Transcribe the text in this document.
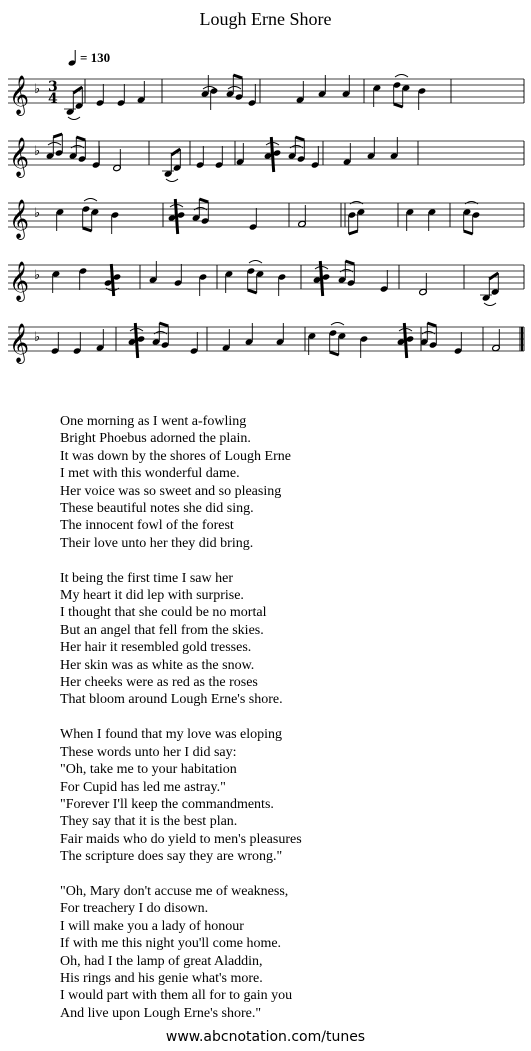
Lough Erne Shore
= 130
𝄞 ♭
𝄞 ♭
𝄞 ♭
𝄞 ♭
𝄞 ♭
3
4
One morning as I went a-fowling
Bright Phoebus adorned the plain.
It was down by the shores of Lough Erne
I met with this wonderful dame.
Her voice was so sweet and so pleasing
These beautiful notes she did sing.
The innocent fowl of the forest
Their love unto her they did bring.
It being the first time I saw her
My heart it did lep with surprise.
I thought that she could be no mortal
But an angel that fell from the skies.
Her hair it resembled gold tresses.
Her skin was as white as the snow.
Her cheeks were as red as the roses
That bloom around Lough Erne's shore.
When I found that my love was eloping
These words unto her I did say:
"Oh, take me to your habitation
For Cupid has led me astray."
"Forever I'll keep the commandments.
They say that it is the best plan.
Fair maids who do yield to men's pleasures
The scripture does say they are wrong."
"Oh, Mary don't accuse me of weakness,
For treachery I do disown.
I will make you a lady of honour
If with me this night you'll come home.
Oh, had I the lamp of great Aladdin,
His rings and his genie what's more.
I would part with them all for to gain you
And live upon Lough Erne's shore."
www.abcnotation.com/tunes
